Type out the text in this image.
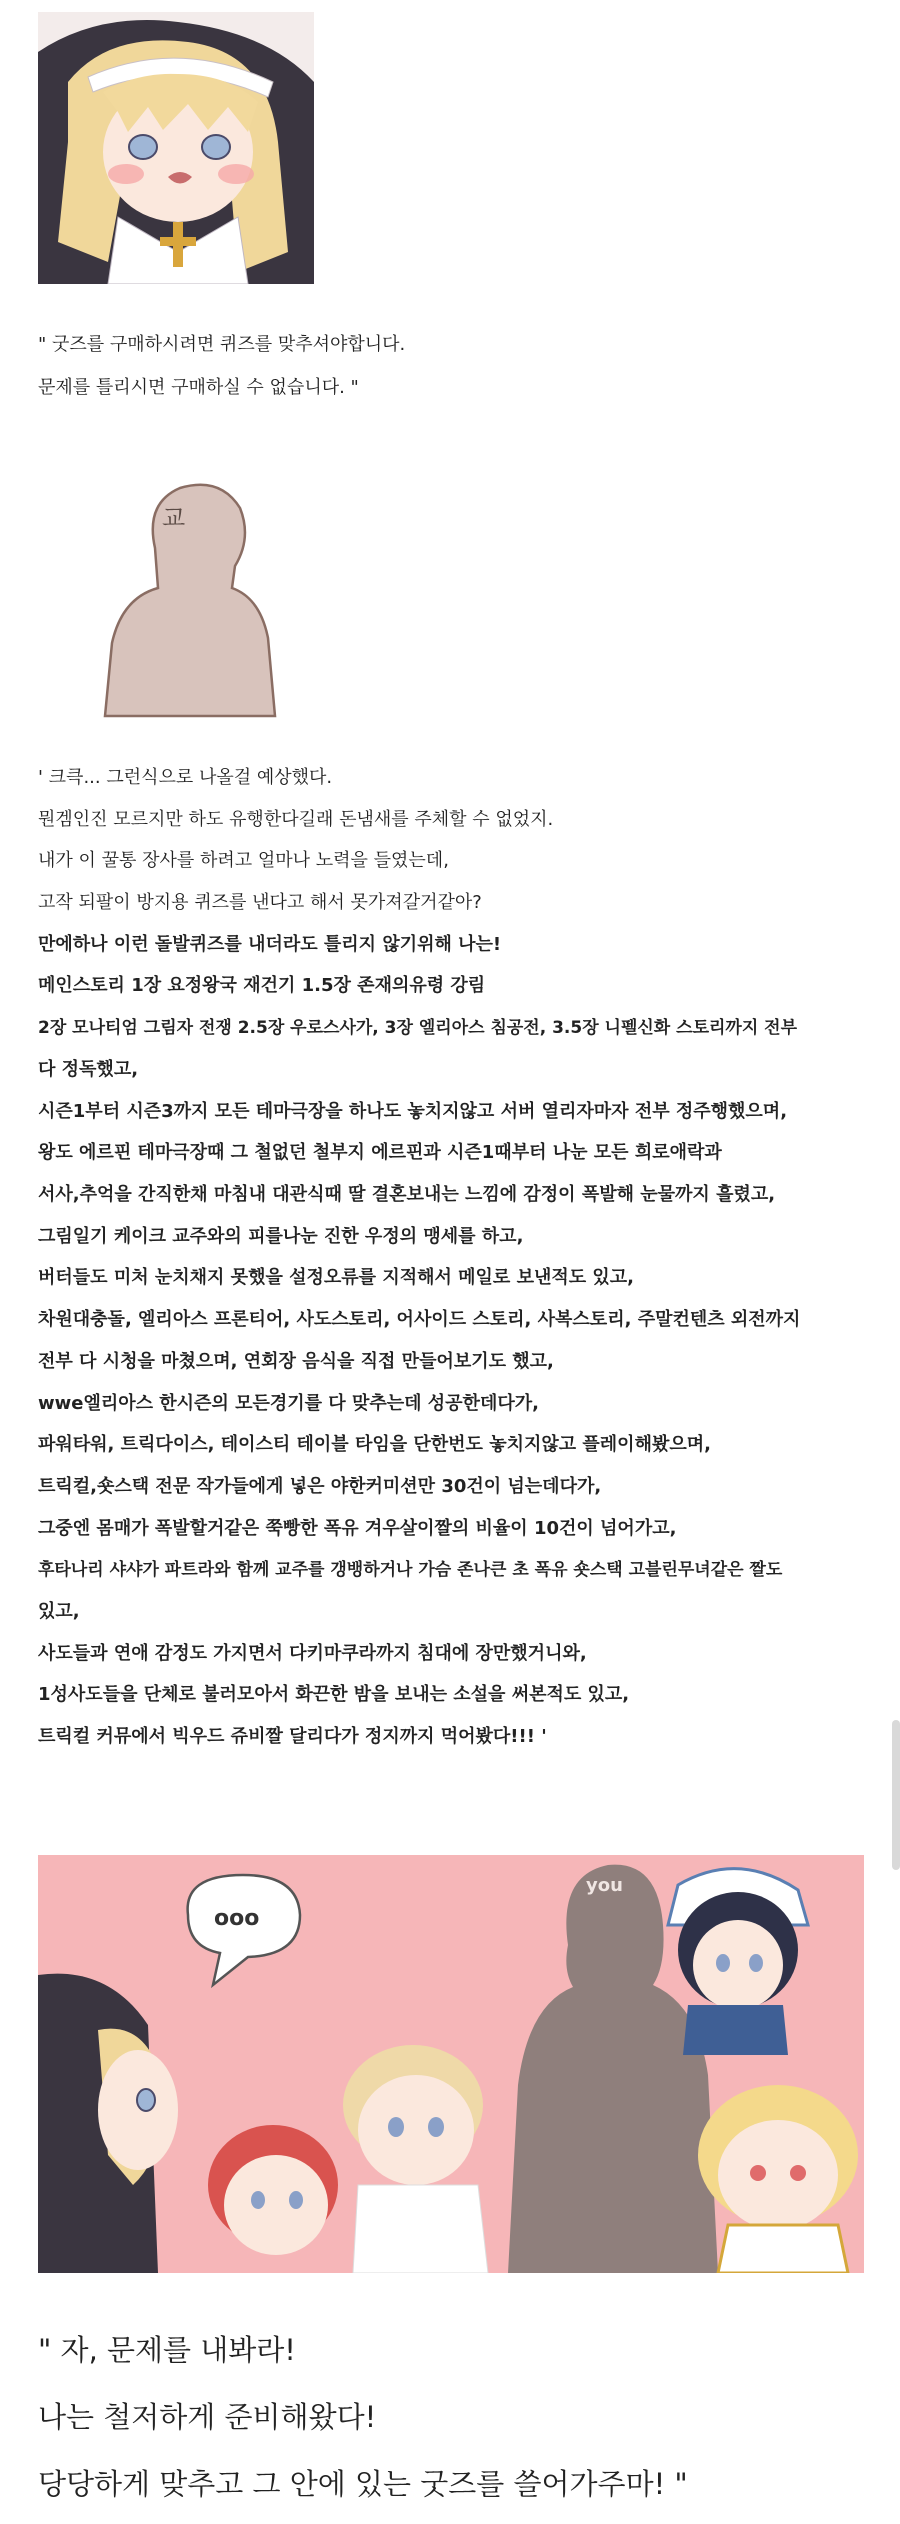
" 굿즈를 구매하시려면 퀴즈를 맞추셔야합니다.
문제를 틀리시면 구매하실 수 없습니다. "
교
' 크큭... 그런식으로 나올걸 예상했다.
뭔겜인진 모르지만 하도 유행한다길래 돈냄새를 주체할 수 없었지.
내가 이 꿀통 장사를 하려고 얼마나 노력을 들였는데,
고작 되팔이 방지용 퀴즈를 낸다고 해서 못가져갈거같아?
만에하나 이런 돌발퀴즈를 내더라도 틀리지 않기위해 나는!
메인스토리 1장 요정왕국 재건기 1.5장 존재의유령 강림
2장 모나티엄 그림자 전쟁 2.5장 우로스사가, 3장 엘리아스 침공전, 3.5장 니펠신화 스토리까지 전부
다 정독했고,
시즌1부터 시즌3까지 모든 테마극장을 하나도 놓치지않고 서버 열리자마자 전부 정주행했으며,
왕도 에르핀 테마극장때 그 철없던 철부지 에르핀과 시즌1때부터 나눈 모든 희로애락과
서사,추억을 간직한채 마침내 대관식때 딸 결혼보내는 느낌에 감정이 폭발해 눈물까지 흘렸고,
그림일기 케이크 교주와의 피를나눈 진한 우정의 맹세를 하고,
버터들도 미처 눈치채지 못했을 설정오류를 지적해서 메일로 보낸적도 있고,
차원대충돌, 엘리아스 프론티어, 사도스토리, 어사이드 스토리, 사복스토리, 주말컨텐츠 외전까지
전부 다 시청을 마쳤으며, 연회장 음식을 직접 만들어보기도 했고,
wwe엘리아스 한시즌의 모든경기를 다 맞추는데 성공한데다가,
파워타워, 트릭다이스, 테이스티 테이블 타임을 단한번도 놓치지않고 플레이해봤으며,
트릭컬,숏스택 전문 작가들에게 넣은 야한커미션만 30건이 넘는데다가,
그중엔 몸매가 폭발할거같은 쭉빵한 폭유 겨우살이짤의 비율이 10건이 넘어가고,
후타나리 샤샤가 파트라와 함께 교주를 갱뱅하거나 가슴 존나큰 초 폭유 숏스택 고블린무녀같은 짤도
있고,
사도들과 연애 감정도 가지면서 다키마쿠라까지 침대에 장만했거니와,
1성사도들을 단체로 불러모아서 화끈한 밤을 보내는 소설을 써본적도 있고,
트릭컬 커뮤에서 빅우드 쥬비짤 달리다가 정지까지 먹어봤다!!! '
ooo
you
" 자, 문제를 내봐라!
나는 철저하게 준비해왔다!
당당하게 맞추고 그 안에 있는 굿즈를 쓸어가주마! "
